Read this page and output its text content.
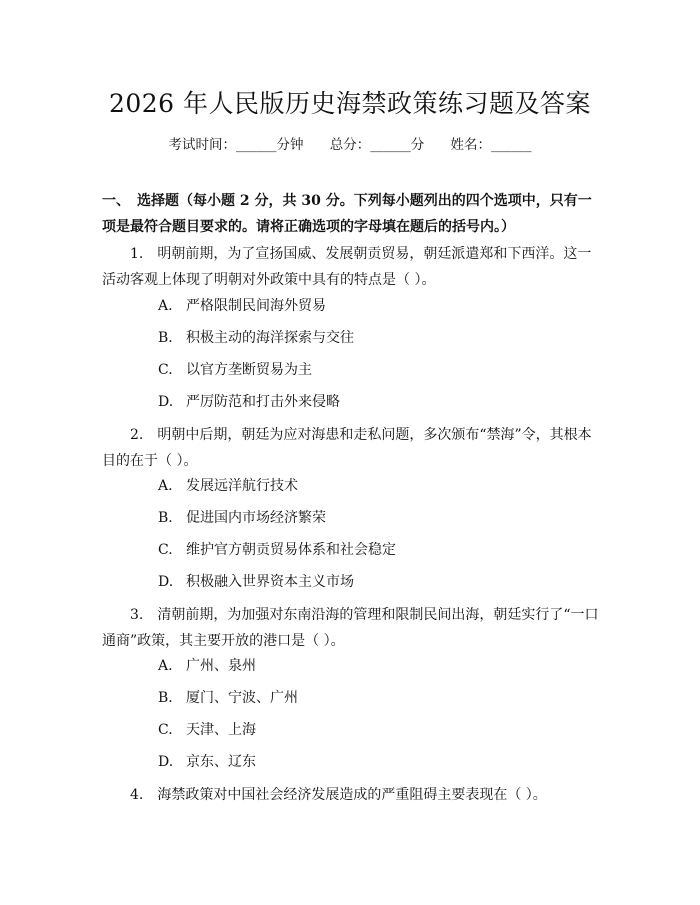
2026 年人民版历史海禁政策练习题及答案
考试时间：______分钟 总分：______分 姓名：______
一、　选择题（每小题 2 分，共 30 分。下列每小题列出的四个选项中，只有一项是最符合题目要求的。请将正确选项的字母填在题后的括号内。）
1.　明朝前期，为了宣扬国威、发展朝贡贸易，朝廷派遣郑和下西洋。这一活动客观上体现了明朝对外政策中具有的特点是（ ）。
A. 严格限制民间海外贸易
B. 积极主动的海洋探索与交往
C. 以官方垄断贸易为主
D. 严厉防范和打击外来侵略
2.　明朝中后期，朝廷为应对海患和走私问题，多次颁布“禁海”令，其根本目的在于（ ）。
A. 发展远洋航行技术
B. 促进国内市场经济繁荣
C. 维护官方朝贡贸易体系和社会稳定
D. 积极融入世界资本主义市场
3.　清朝前期，为加强对东南沿海的管理和限制民间出海，朝廷实行了“一口通商”政策，其主要开放的港口是（ ）。
A. 广州、泉州
B. 厦门、宁波、广州
C. 天津、上海
D. 京东、辽东
4.　海禁政策对中国社会经济发展造成的严重阻碍主要表现在（ ）。
